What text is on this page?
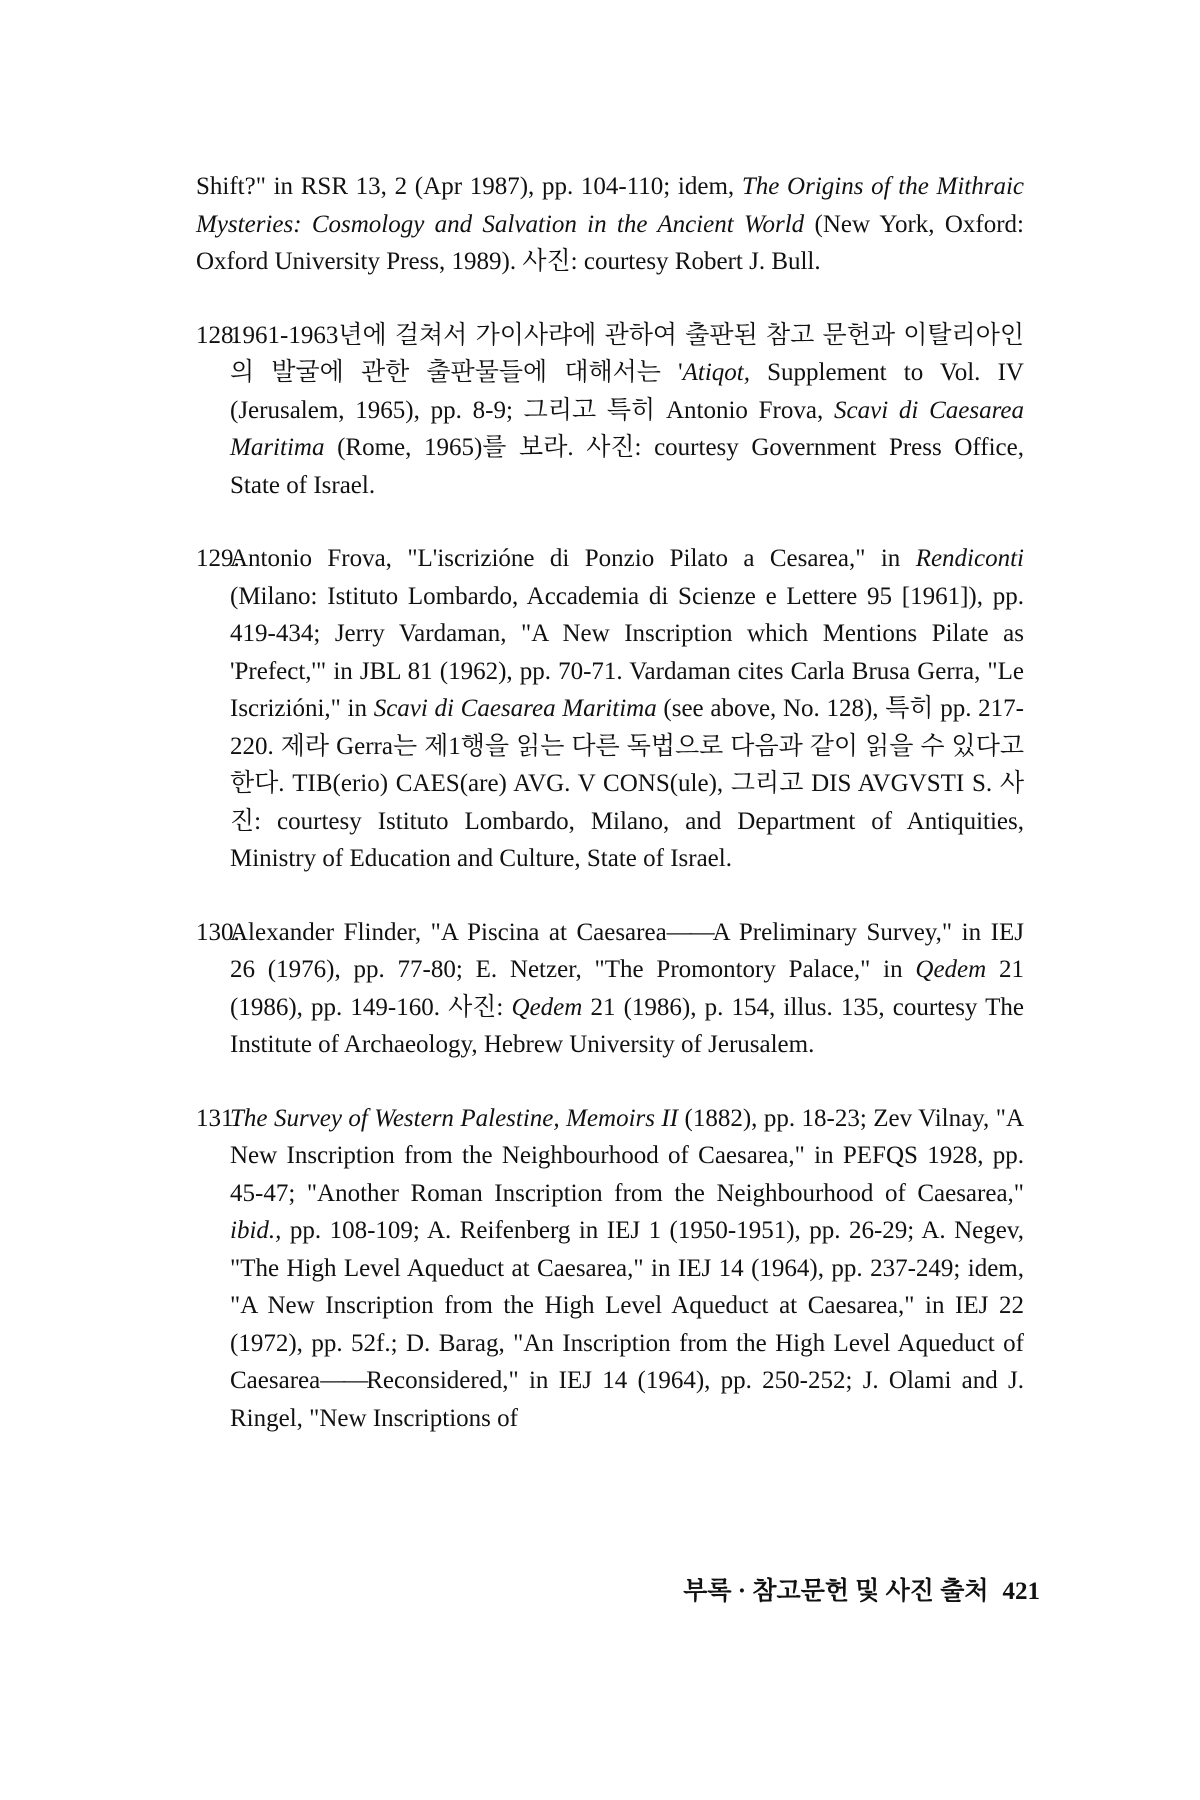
Shift?" in RSR 13, 2 (Apr 1987), pp. 104-110; idem, The Origins of the Mithraic Mysteries: Cosmology and Salvation in the Ancient World (New York, Oxford: Oxford University Press, 1989). 사진: courtesy Robert J. Bull.

128.
1961-1963년에 걸쳐서 가이사랴에 관하여 출판된 참고 문헌과 이탈리아인의 발굴에 관한 출판물들에 대해서는 'Atiqot, Supplement to Vol. IV (Jerusalem, 1965), pp. 8-9; 그리고 특히 Antonio Frova, Scavi di Caesarea Maritima (Rome, 1965)를 보라. 사진: courtesy Government Press Office, State of Israel.
129.
Antonio Frova, "L'iscrizióne di Ponzio Pilato a Cesarea," in Rendiconti (Milano: Istituto Lombardo, Accademia di Scienze e Lettere 95 [1961]), pp. 419-434; Jerry Vardaman, "A New Inscription which Mentions Pilate as 'Prefect,'" in JBL 81 (1962), pp. 70-71. Vardaman cites Carla Brusa Gerra, "Le Iscrizióni," in Scavi di Caesarea Maritima (see above, No. 128), 특히 pp. 217-220. 제라 Gerra는 제1행을 읽는 다른 독법으로 다음과 같이 읽을 수 있다고 한다. TIB(erio) CAES(are) AVG. V CONS(ule), 그리고 DIS AVGVSTI S. 사진: courtesy Istituto Lombardo, Milano, and Department of Antiquities, Ministry of Education and Culture, State of Israel.
130.
Alexander Flinder, "A Piscina at Caesarea——A Preliminary Survey," in IEJ 26 (1976), pp. 77-80; E. Netzer, "The Promontory Palace," in Qedem 21 (1986), pp. 149-160. 사진: Qedem 21 (1986), p. 154, illus. 135, courtesy The Institute of Archaeology, Hebrew University of Jerusalem.
131.
The Survey of Western Palestine, Memoirs II (1882), pp. 18-23; Zev Vilnay, "A New Inscription from the Neighbourhood of Caesarea," in PEFQS 1928, pp. 45-47; "Another Roman Inscription from the Neighbourhood of Caesarea," ibid., pp. 108-109; A. Reifenberg in IEJ 1 (1950-1951), pp. 26-29; A. Negev, "The High Level Aqueduct at Caesarea," in IEJ 14 (1964), pp. 237-249; idem, "A New Inscription from the High Level Aqueduct at Caesarea," in IEJ 22 (1972), pp. 52f.; D. Barag, "An Inscription from the High Level Aqueduct of Caesarea——Reconsidered," in IEJ 14 (1964), pp. 250-252; J. Olami and J. Ringel, "New Inscriptions of
부록 · 참고문헌 및 사진 출처 421
